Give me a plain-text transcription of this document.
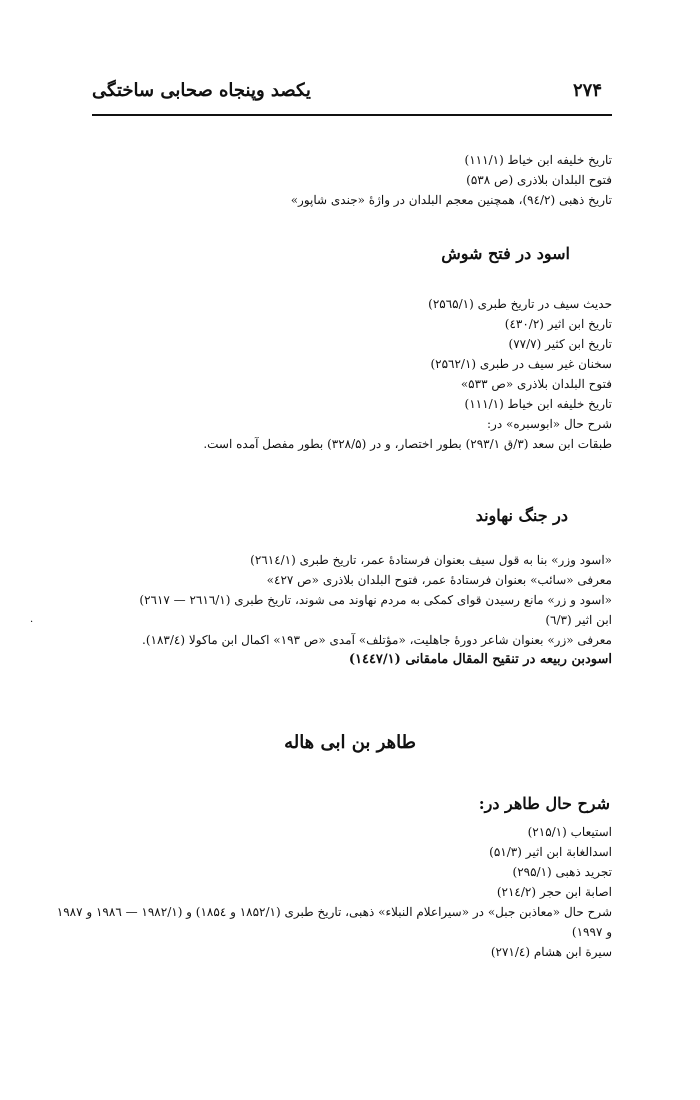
۲۷۴
یکصد وپنجاه صحابی ساختگی
تاریخ خلیفه ابن خیاط (۱۱۱/۱)
فتوح البلدان بلاذری (ص ۵۳۸)
تاریخ ذهبی (۹٤/۲)، همچنین معجم البلدان در واژۀ «جندی شاپور»
اسود در فتح شوش
حدیث سیف در تاریخ طبری (۲۵٦۵/۱)
تاریخ ابن اثیر (٤۳۰/۲)
تاریخ ابن کثیر (۷۷/۷)
سخنان غیر سیف در طبری (۲۵٦۲/۱)
فتوح البلدان بلاذری «ص ۵۳۳»
تاریخ خلیفه ابن خیاط (۱۱۱/۱)
شرح حال «ابوسبره» در:
طبقات ابن سعد (۳/ق ۲۹۳/۱) بطور اختصار، و در (۳۲۸/۵) بطور مفصل آمده است.
در جنگ نهاوند
«اسود وزر» بنا به قول سیف بعنوان فرستادۀ عمر، تاریخ طبری (۲٦۱٤/۱)
معرفی «سائب» بعنوان فرستادۀ عمر، فتوح البلدان بلاذری «ص ٤۲۷»
«اسود و زر» مانع رسیدن قوای کمکی به مردم نهاوند می شوند، تاریخ طبری (۲٦۱٦/۱ — ۲٦۱۷)
ابن اثیر (٦/۳)
معرفی «زر» بعنوان شاعر دورۀ جاهلیت، «مؤتلف» آمدی «ص ۱۹۳» اکمال ابن ماکولا (۱۸۳/٤).
اسودبن ربیعه در تنقیح المقال مامقانی (۱٤٤۷/۱)
·
طاهر بن ابی هاله
شرح حال طاهر در:
استیعاب (۲۱۵/۱)
اسدالغابة ابن اثیر (۵۱/۳)
تجرید ذهبی (۲۹۵/۱)
اصابة ابن حجر (۲۱٤/۲)
شرح حال «معاذبن جبل» در «سیراعلام النبلاء» ذهبی، تاریخ طبری (۱۸۵۲/۱ و ۱۸۵٤) و (۱۹۸۲/۱ — ۱۹۸٦ و ۱۹۸۷ و ۱۹۹۷)
سیرة ابن هشام (۲۷۱/٤)
